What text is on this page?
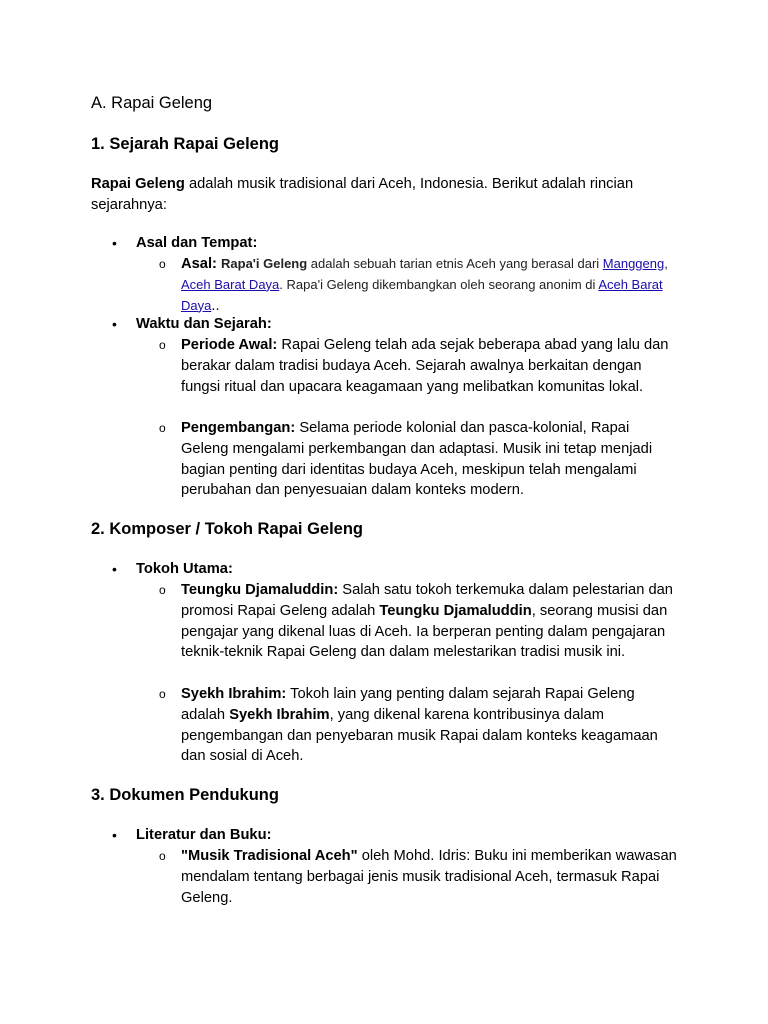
A. Rapai Geleng
1. Sejarah Rapai Geleng
Rapai Geleng adalah musik tradisional dari Aceh, Indonesia. Berikut adalah rincian sejarahnya:
• Asal dan Tempat:
o Asal: Rapa'i Geleng adalah sebuah tarian etnis Aceh yang berasal dari Manggeng, Aceh Barat Daya. Rapa'i Geleng dikembangkan oleh seorang anonim di Aceh Barat Daya..
• Waktu dan Sejarah:
o Periode Awal: Rapai Geleng telah ada sejak beberapa abad yang lalu dan berakar dalam tradisi budaya Aceh. Sejarah awalnya berkaitan dengan fungsi ritual dan upacara keagamaan yang melibatkan komunitas lokal.
o Pengembangan: Selama periode kolonial dan pasca-kolonial, Rapai Geleng mengalami perkembangan dan adaptasi. Musik ini tetap menjadi bagian penting dari identitas budaya Aceh, meskipun telah mengalami perubahan dan penyesuaian dalam konteks modern.
2. Komposer / Tokoh Rapai Geleng
• Tokoh Utama:
o Teungku Djamaluddin: Salah satu tokoh terkemuka dalam pelestarian dan promosi Rapai Geleng adalah Teungku Djamaluddin, seorang musisi dan pengajar yang dikenal luas di Aceh. Ia berperan penting dalam pengajaran teknik-teknik Rapai Geleng dan dalam melestarikan tradisi musik ini.
o Syekh Ibrahim: Tokoh lain yang penting dalam sejarah Rapai Geleng adalah Syekh Ibrahim, yang dikenal karena kontribusinya dalam pengembangan dan penyebaran musik Rapai dalam konteks keagamaan dan sosial di Aceh.
3. Dokumen Pendukung
• Literatur dan Buku:
o "Musik Tradisional Aceh" oleh Mohd. Idris: Buku ini memberikan wawasan mendalam tentang berbagai jenis musik tradisional Aceh, termasuk Rapai Geleng.
